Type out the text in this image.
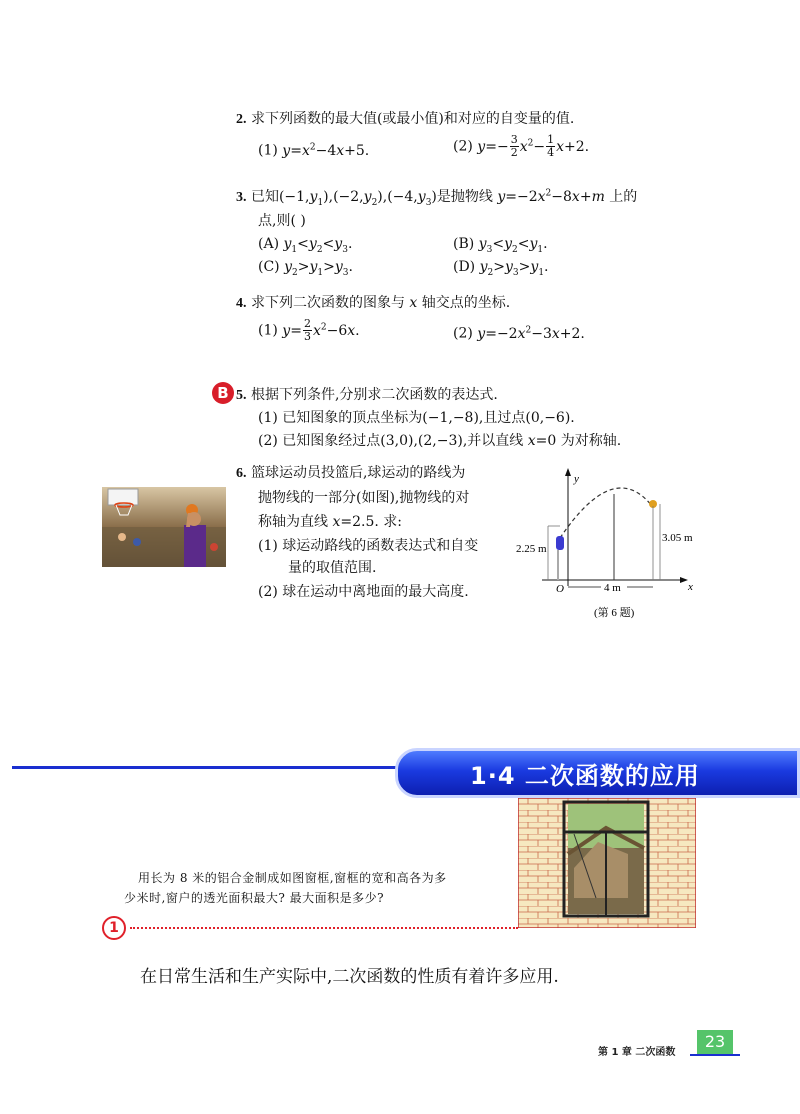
2. 求下列函数的最大值(或最小值)和对应的自变量的值.
(1) $y=x^2-4x+5$.	(2) $y=- \frac{3}{2} x^2- \frac{1}{4} x+2$.
3. 已知$(-1,y_1),(-2,y_2),(-4,y_3)$是抛物线 $y=-2x^2-8x+m$ 上的
点,则( )
(A) $y_1<y_2<y_3$.	(B) $y_3<y_2<y_1$.
(C) $y_2>y_1>y_3$.	(D) $y_2>y_3>y_1$.
4. 求下列二次函数的图象与 x 轴交点的坐标.
(1) $y= \frac{2}{3} x^2-6x$.	(2) $y=-2x^2-3x+2$.
B 5. 根据下列条件,分别求二次函数的表达式.
(1) 已知图象的顶点坐标为(−1,−8),且过点(0,−6).
(2) 已知图象经过点(3,0),(2,−3),并以直线 x=0 为对称轴.
6. 篮球运动员投篮后,球运动的路线为
抛物线的一部分(如图),抛物线的对
称轴为直线 x=2.5. 求:
(1) 球运动路线的函数表达式和自变
量的取值范围.
(2) 球在运动中离地面的最大高度.
y
x
O
2.25 m
3.05 m
4 m
(第 6 题)
1·4 二次函数的应用
用长为 8 米的铝合金制成如图窗框,窗框的宽和高各为多
少米时,窗户的透光面积最大? 最大面积是多少?
1
在日常生活和生产实际中,二次函数的性质有着许多应用.
第 1 章 二次函数
23
